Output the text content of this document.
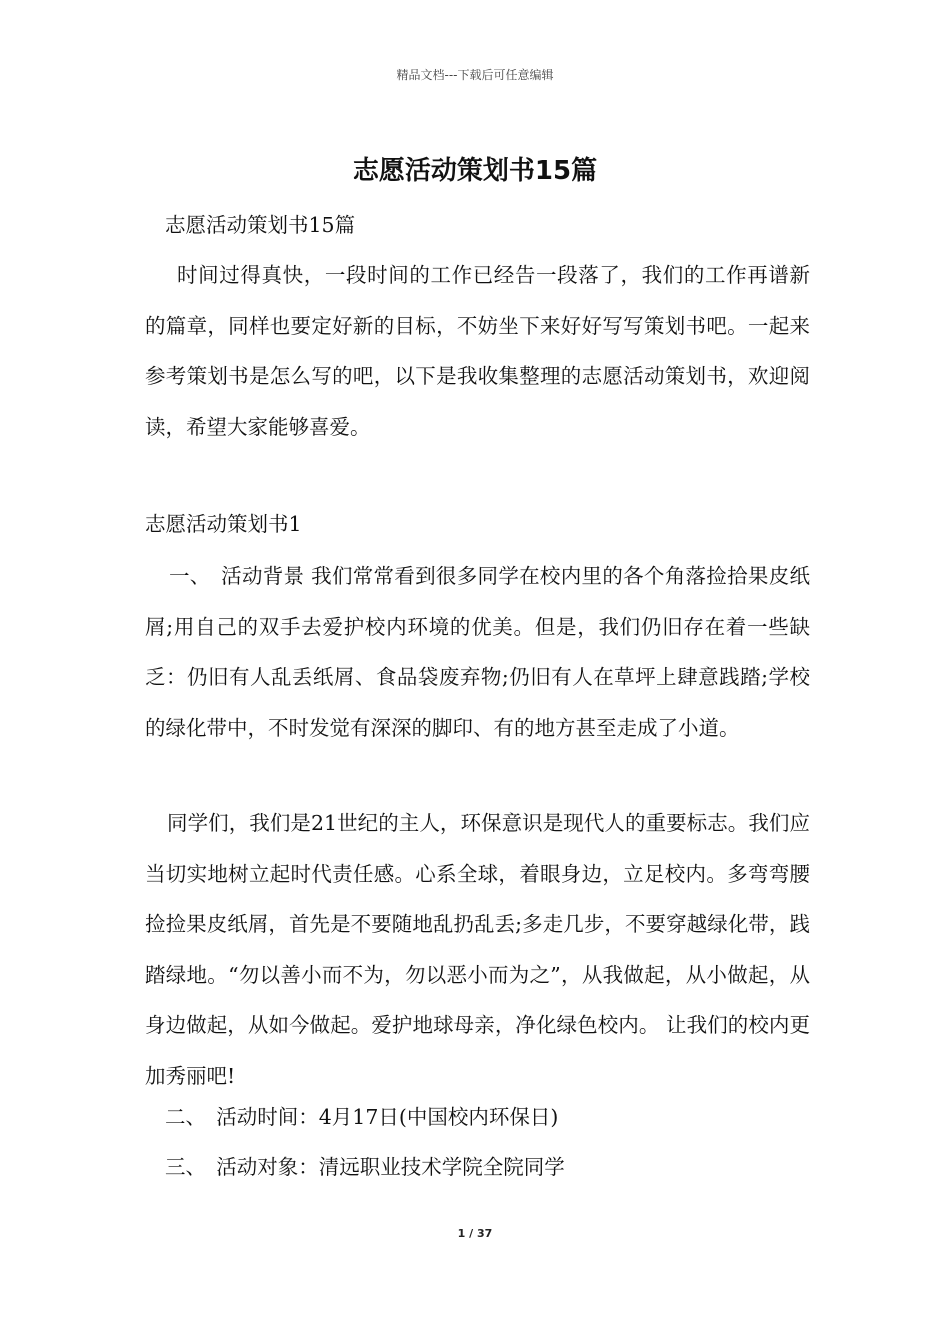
精品文档---下载后可任意编辑
志愿活动策划书15篇
志愿活动策划书15篇
时间过得真快，一段时间的工作已经告一段落了，我们的工作再谱新的篇章，同样也要定好新的目标，不妨坐下来好好写写策划书吧。一起来参考策划书是怎么写的吧，以下是我收集整理的志愿活动策划书，欢迎阅读，希望大家能够喜爱。
志愿活动策划书1
一、　活动背景 我们常常看到很多同学在校内里的各个角落捡拾果皮纸屑;用自己的双手去爱护校内环境的优美。但是，我们仍旧存在着一些缺乏：仍旧有人乱丢纸屑、食品袋废弃物;仍旧有人在草坪上肆意践踏;学校的绿化带中，不时发觉有深深的脚印、有的地方甚至走成了小道。
同学们，我们是21世纪的主人，环保意识是现代人的重要标志。我们应当切实地树立起时代责任感。心系全球，着眼身边，立足校内。多弯弯腰捡捡果皮纸屑，首先是不要随地乱扔乱丢;多走几步，不要穿越绿化带，践踏绿地。“勿以善小而不为，勿以恶小而为之”，从我做起，从小做起，从身边做起，从如今做起。爱护地球母亲，净化绿色校内。 让我们的校内更加秀丽吧!
二、　活动时间：4月17日(中国校内环保日)
三、　活动对象：清远职业技术学院全院同学
1 / 37
